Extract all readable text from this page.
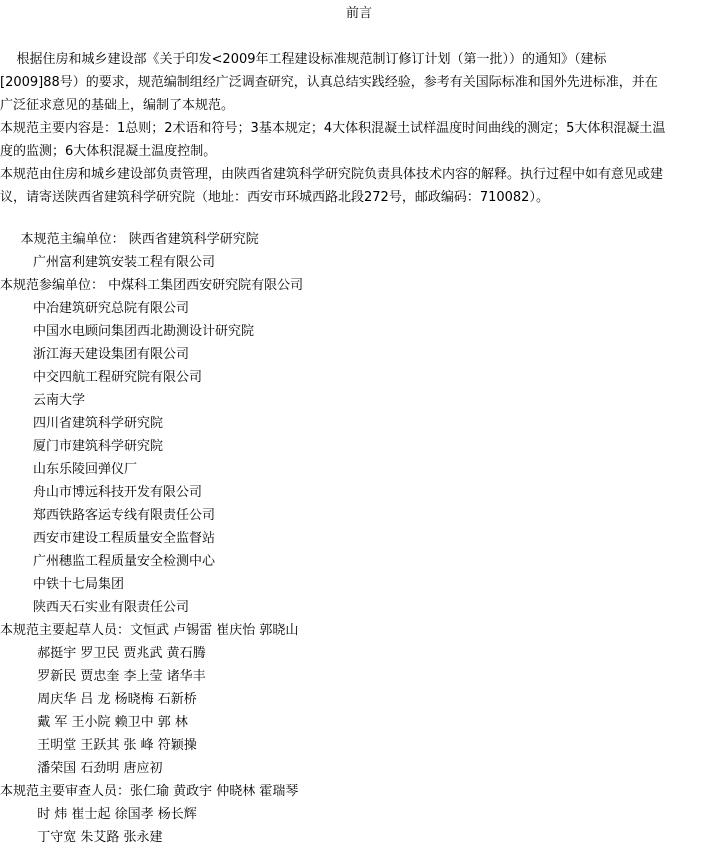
前言
根据住房和城乡建设部《关于印发<2009年工程建设标准规范制订修订计划（第一批））的通知》（建标
[2009]88号）的要求，规范编制组经广泛调查研究，认真总结实践经验，参考有关国际标准和国外先进标准，并在
广泛征求意见的基础上，编制了本规范。
本规范主要内容是：1总则；2术语和符号；3基本规定；4大体积混凝土试样温度时间曲线的测定；5大体积混凝土温
度的监测；6大体积混凝土温度控制。
本规范由住房和城乡建设部负责管理，由陕西省建筑科学研究院负责具体技术内容的解释。执行过程中如有意见或建
议，请寄送陕西省建筑科学研究院（地址：西安市环城西路北段272号，邮政编码：710082）。
本规范主编单位： 陕西省建筑科学研究院
广州富利建筑安装工程有限公司
本规范参编单位： 中煤科工集团西安研究院有限公司
中冶建筑研究总院有限公司
中国水电顾问集团西北勘测设计研究院
浙江海天建设集团有限公司
中交四航工程研究院有限公司
云南大学
四川省建筑科学研究院
厦门市建筑科学研究院
山东乐陵回弹仪厂
舟山市博远科技开发有限公司
郑西铁路客运专线有限责任公司
西安市建设工程质量安全监督站
广州穗监工程质量安全检测中心
中铁十七局集团
陕西天石实业有限责任公司
本规范主要起草人员：文恒武 卢锡雷 崔庆怡 郭晓山
郝挺宇 罗卫民 贾兆武 黄石腾
罗新民 贾忠奎 李上莹 诸华丰
周庆华 吕 龙 杨晓梅 石新桥
戴 军 王小院 赖卫中 郭 林
王明堂 王跃其 张 峰 符颖操
潘荣国 石劲明 唐应初
本规范主要审查人员：张仁瑜 黄政宇 仲晓林 霍瑞琴
时 炜 崔士起 徐国孝 杨长辉
丁守宽 朱艾路 张永建
